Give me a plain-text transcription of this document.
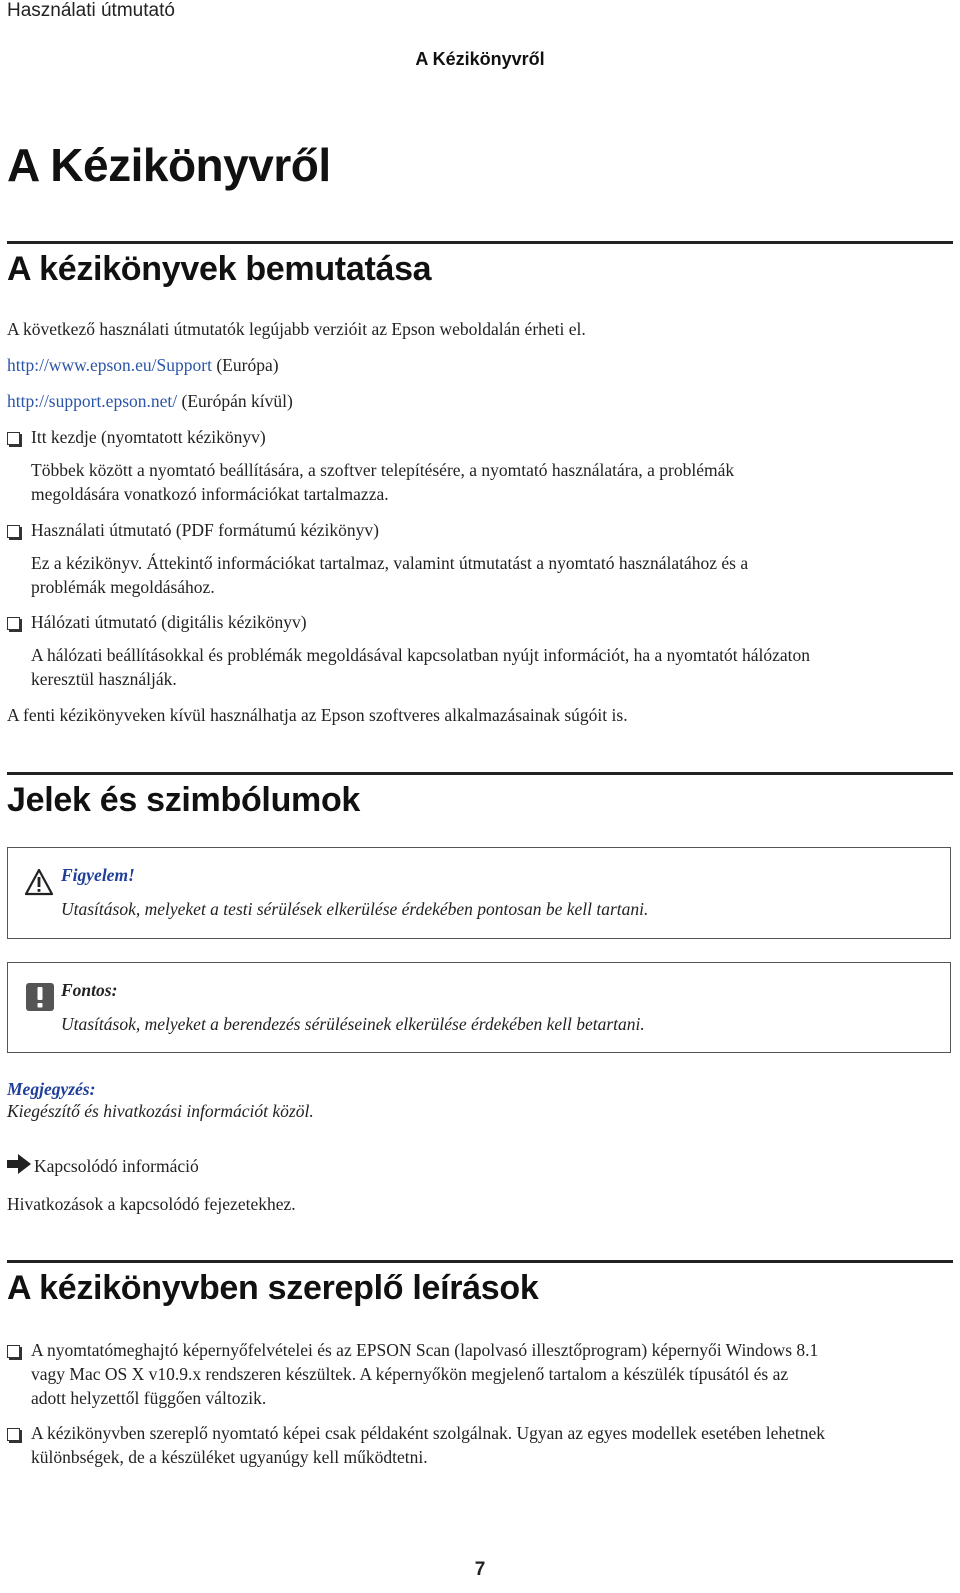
Használati útmutató
A Kézikönyvről
A Kézikönyvről
A kézikönyvek bemutatása

A következő használati útmutatók legújabb verzióit az Epson weboldalán érheti el.

http://www.epson.eu/Support (Európa)

http://support.epson.net/ (Európán kívül)

Itt kezdje (nyomtatott kézikönyv)

Többek között a nyomtató beállítására, a szoftver telepítésére, a nyomtató használatára, a problémák

megoldására vonatkozó információkat tartalmazza.

Használati útmutató (PDF formátumú kézikönyv)

Ez a kézikönyv. Áttekintő információkat tartalmaz, valamint útmutatást a nyomtató használatához és a

problémák megoldásához.

Hálózati útmutató (digitális kézikönyv)

A hálózati beállításokkal és problémák megoldásával kapcsolatban nyújt információt, ha a nyomtatót hálózaton

keresztül használják.

A fenti kézikönyveken kívül használhatja az Epson szoftveres alkalmazásainak súgóit is.

Jelek és szimbólumok
Figyelem!
Utasítások, melyeket a testi sérülések elkerülése érdekében pontosan be kell tartani.
Fontos:
Utasítások, melyeket a berendezés sérüléseinek elkerülése érdekében kell betartani.

Megjegyzés:

Kiegészítő és hivatkozási információt közöl.

Kapcsolódó információ

Hivatkozások a kapcsolódó fejezetekhez.

A kézikönyvben szereplő leírások

A nyomtatómeghajtó képernyőfelvételei és az EPSON Scan (lapolvasó illesztőprogram) képernyői Windows 8.1

vagy Mac OS X v10.9.x rendszeren készültek. A képernyőkön megjelenő tartalom a készülék típusától és az

adott helyzettől függően változik.

A kézikönyvben szereplő nyomtató képei csak példaként szolgálnak. Ugyan az egyes modellek esetében lehetnek

különbségek, de a készüléket ugyanúgy kell működtetni.

7
